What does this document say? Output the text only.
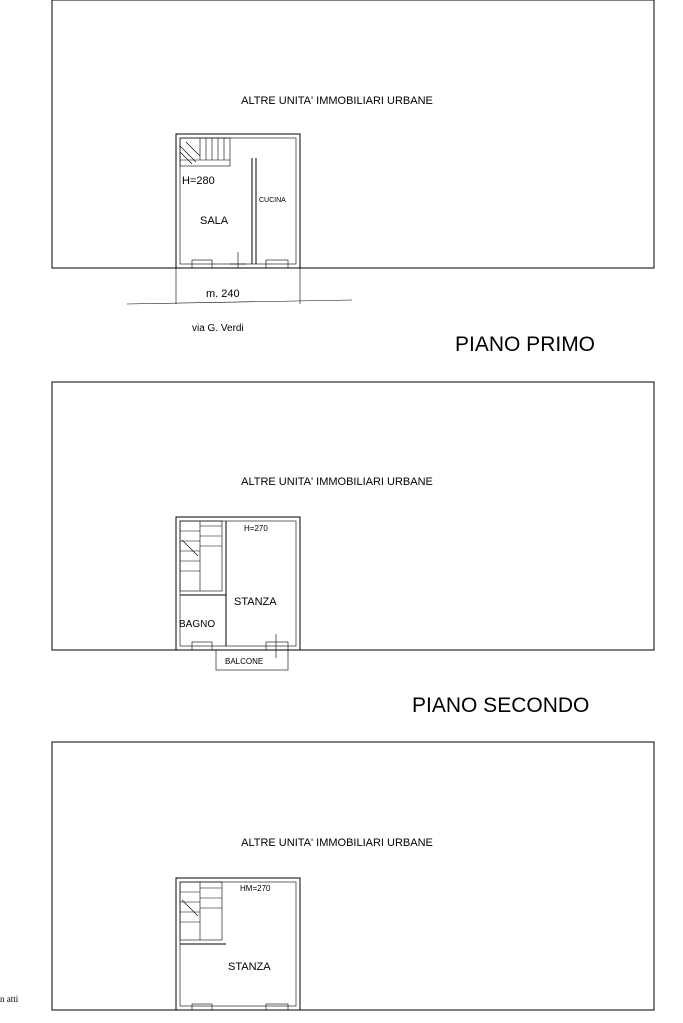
ALTRE UNITA' IMMOBILIARI URBANE
H=280
SALA
CUCINA
m. 240
via G. Verdi
PIANO PRIMO
ALTRE UNITA' IMMOBILIARI URBANE
H=270
STANZA
BAGNO
BALCONE
PIANO SECONDO
ALTRE UNITA' IMMOBILIARI URBANE
HM=270
STANZA
n atti
